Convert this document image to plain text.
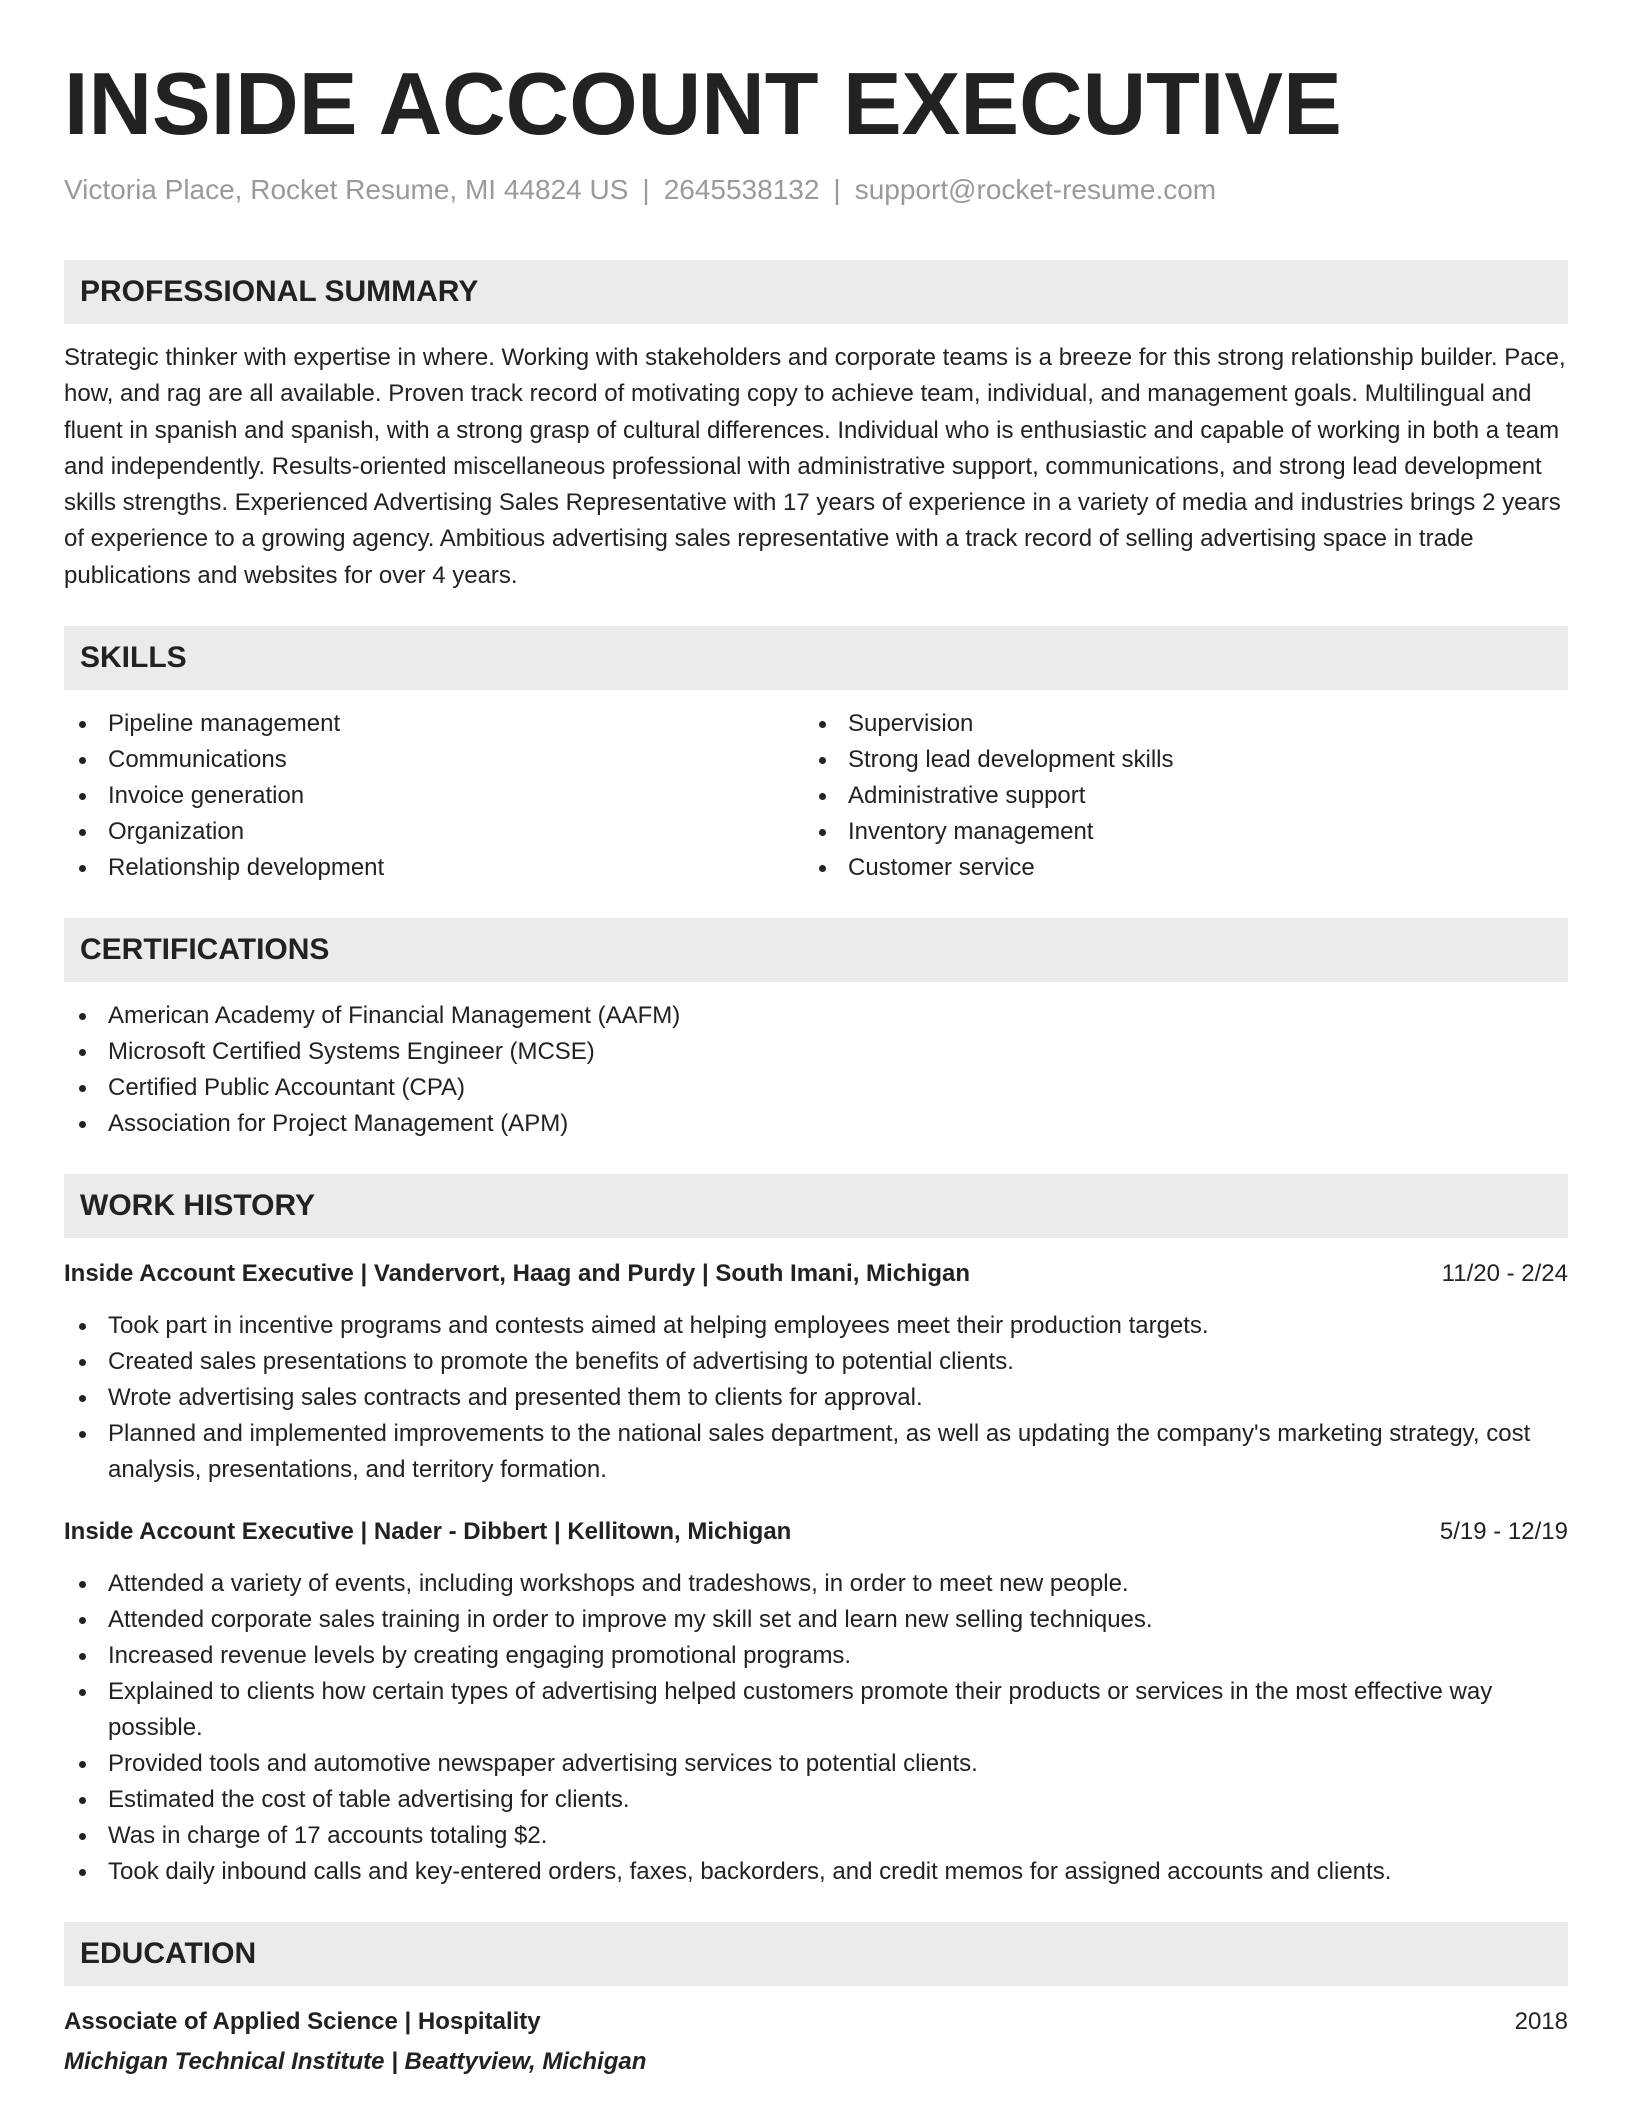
INSIDE ACCOUNT EXECUTIVE
Victoria Place, Rocket Resume, MI 44824 US | 2645538132 | support@rocket-resume.com
PROFESSIONAL SUMMARY

Strategic thinker with expertise in where. Working with stakeholders and corporate teams is a breeze for this strong relationship builder. Pace, how, and rag are all available. Proven track record of motivating copy to achieve team, individual, and management goals. Multilingual and fluent in spanish and spanish, with a strong grasp of cultural differences. Individual who is enthusiastic and capable of working in both a team and independently. Results-oriented miscellaneous professional with administrative support, communications, and strong lead development skills strengths. Experienced Advertising Sales Representative with 17 years of experience in a variety of media and industries brings 2 years of experience to a growing agency. Ambitious advertising sales representative with a track record of selling advertising space in trade publications and websites for over 4 years.

SKILLS
Pipeline management
Communications
Invoice generation
Organization
Relationship development
Supervision
Strong lead development skills
Administrative support
Inventory management
Customer service
CERTIFICATIONS
American Academy of Financial Management (AAFM)
Microsoft Certified Systems Engineer (MCSE)
Certified Public Accountant (CPA)
Association for Project Management (APM)
WORK HISTORY
Inside Account Executive | Vandervort, Haag and Purdy | South Imani, Michigan	11/20 - 2/24
Took part in incentive programs and contests aimed at helping employees meet their production targets.
Created sales presentations to promote the benefits of advertising to potential clients.
Wrote advertising sales contracts and presented them to clients for approval.
Planned and implemented improvements to the national sales department, as well as updating the company's marketing strategy, cost analysis, presentations, and territory formation.
Inside Account Executive | Nader - Dibbert | Kellitown, Michigan	5/19 - 12/19
Attended a variety of events, including workshops and tradeshows, in order to meet new people.
Attended corporate sales training in order to improve my skill set and learn new selling techniques.
Increased revenue levels by creating engaging promotional programs.
Explained to clients how certain types of advertising helped customers promote their products or services in the most effective way possible.
Provided tools and automotive newspaper advertising services to potential clients.
Estimated the cost of table advertising for clients.
Was in charge of 17 accounts totaling $2.
Took daily inbound calls and key-entered orders, faxes, backorders, and credit memos for assigned accounts and clients.
EDUCATION
Associate of Applied Science | Hospitality	2018
Michigan Technical Institute | Beattyview, Michigan
